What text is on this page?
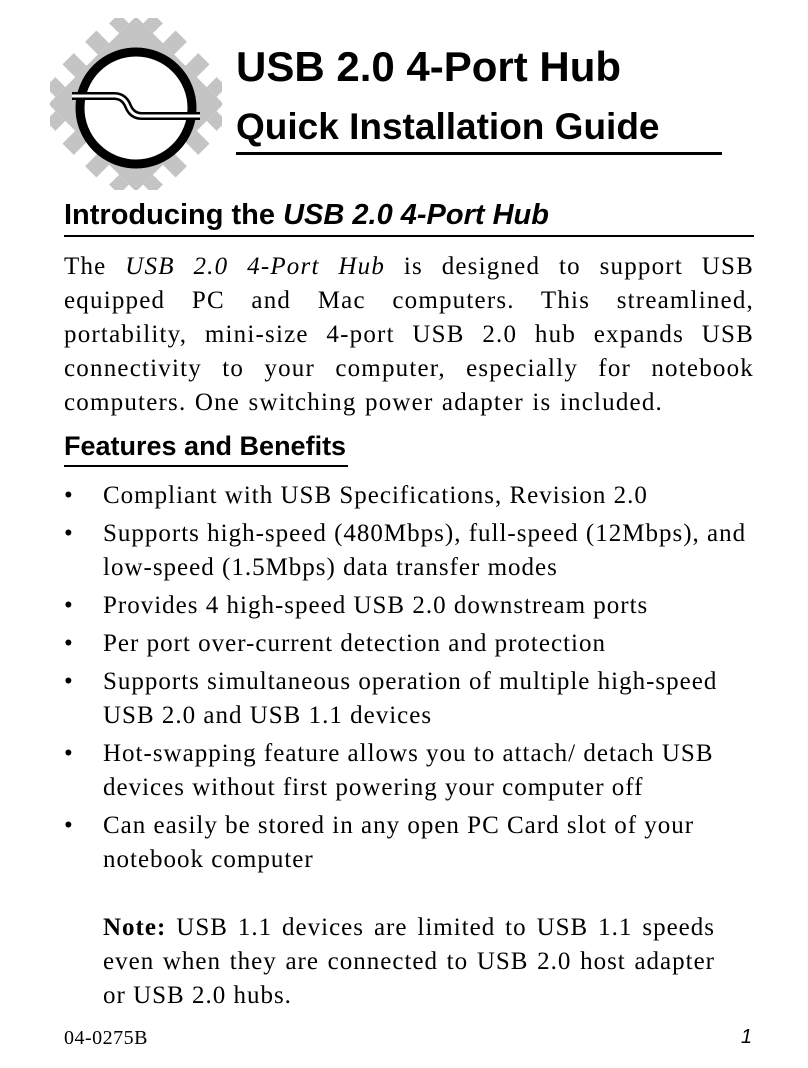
USB 2.0 4-Port Hub
Quick Installation Guide
Introducing the USB 2.0 4-Port Hub

The USB 2.0 4-Port Hub is designed to support USB equipped PC and Mac computers. This streamlined, portability, mini-size 4-port USB 2.0 hub expands USB connectivity to your computer, especially for notebook computers. One switching power adapter is included.

Features and Benefits
• Compliant with USB Specifications, Revision 2.0
• Supports high-speed (480Mbps), full-speed (12Mbps), and low-speed (1.5Mbps) data transfer modes
• Provides 4 high-speed USB 2.0 downstream ports
• Per port over-current detection and protection
• Supports simultaneous operation of multiple high-speed USB 2.0 and USB 1.1 devices
• Hot-swapping feature allows you to attach/ detach USB devices without first powering your computer off
• Can easily be stored in any open PC Card slot of your notebook computer

Note: USB 1.1 devices are limited to USB 1.1 speeds even when they are connected to USB 2.0 host adapter or USB 2.0 hubs.

04-0275B	1
